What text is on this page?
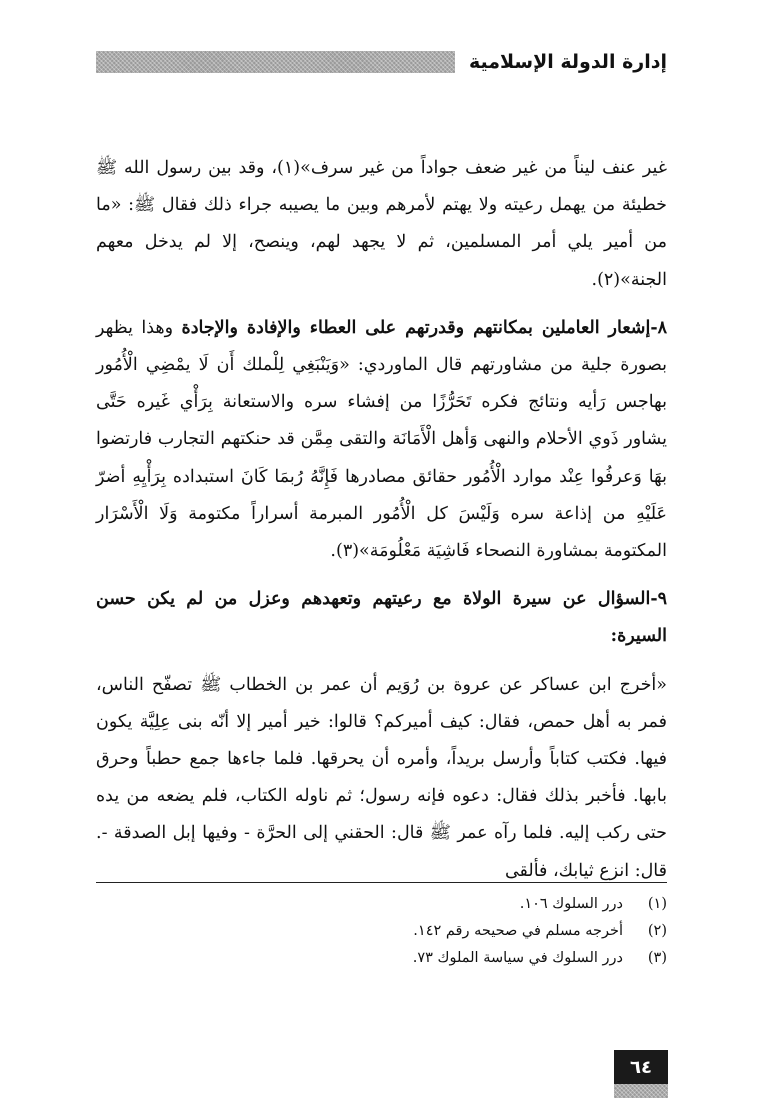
إدارة الدولة الإسلامية

غير عنف ليناً من غير ضعف جواداً من غير سرف»(١)، وقد بين رسول الله ﷺ خطيئة من يهمل رعيته ولا يهتم لأمرهم وبين ما يصيبه جراء ذلك فقال ﷺ: «ما من أمير يلي أمر المسلمين، ثم لا يجهد لهم، وينصح، إلا لم يدخل معهم الجنة»(٢).

٨-إشعار العاملين بمكانتهم وقدرتهم على العطاء والإفادة والإجادة وهذا يظهر بصورة جلية من مشاورتهم قال الماوردي: «وَيَنْبَغِي لِلْملك أَن لَا يمْضِي الْأُمُور بهاجس رَأيه ونتائج فكره تَحَرُّزًا من إفشاء سره والاستعانة بِرَأْي غَيره حَتَّى يشاور ذَوي الأحلام والنهى وَأهل الْأَمَانَة والتقى مِمَّن قد حنكتهم التجارب فارتضوا بهَا وَعرفُوا عِنْد موارد الْأُمُور حقائق مصادرها فَإِنَّهُ رُبمَا كَانَ استبداده بِرَأْيِهِ أضرّ عَلَيْهِ من إذاعة سره وَلَيْسَ كل الْأُمُور المبرمة أسراراً مكتومة وَلَا الْأَسْرَار المكتومة بمشاورة النصحاء فَاشِيَة مَعْلُومَة»(٣).

٩-السؤال عن سيرة الولاة مع رعيتهم وتعهدهم وعزل من لم يكن حسن السيرة:

«أخرج ابن عساكر عن عروة بن رُوَيم أن عمر بن الخطاب ﷺ تصفّح الناس، فمر به أهل حمص، فقال: كيف أميركم؟ قالوا: خير أمير إلا أنّه بنى عِلِيَّة يكون فيها. فكتب كتاباً وأرسل بريداً، وأمره أن يحرقها. فلما جاءها جمع حطباً وحرق بابها. فأخبر بذلك فقال: دعوه فإنه رسول؛ ثم ناوله الكتاب، فلم يضعه من يده حتى ركب إليه. فلما رآه عمر ﷺ قال: الحقني إلى الحرَّة - وفيها إبل الصدقة -. قال: انزع ثيابك، فألقى

(١)
درر السلوك ١٠٦.
(٢)
أخرجه مسلم في صحيحه رقم ١٤٢.
(٣)
درر السلوك في سياسة الملوك ٧٣.
٦٤
